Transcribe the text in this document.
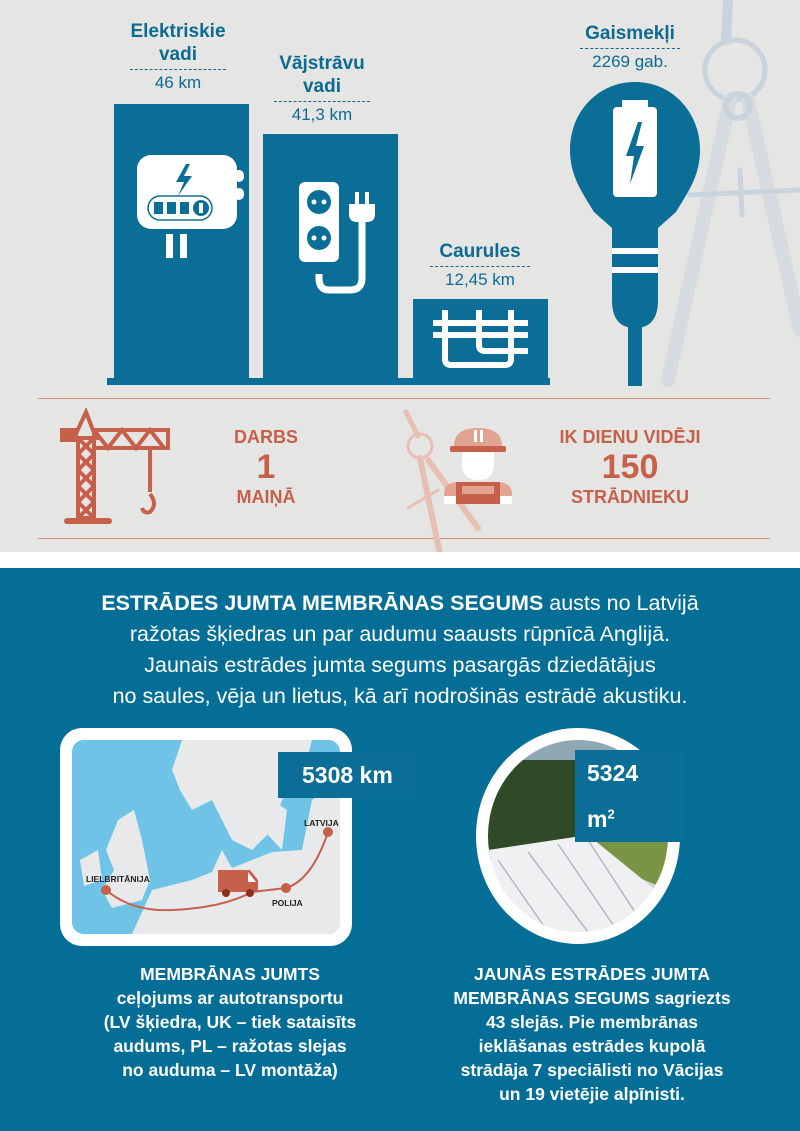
Elektriskie
vadi
46 km
Vājstrāvu
vadi
41,3 km
Caurules
12,45 km
Gaismekļi
2269 gab.
DARBS
1
MAIŅĀ
IK DIENU VIDĒJI
150
STRĀDNIEKU
ESTRĀDES JUMTA MEMBRĀNAS SEGUMS austs no Latvijā
ražotas šķiedras un par audumu saausts rūpnīcā Anglijā.
Jaunais estrādes jumta segums pasargās dziedātājus
no saules, vēja un lietus, kā arī nodrošinās estrādē akustiku.
LIELBRITĀNIJA
POLIJA
LATVIJA
5308 km	5324 $m^2$
MEMBRĀNAS JUMTS
ceļojums ar autotransportu
(LV šķiedra, UK – tiek sataisīts
audums, PL – ražotas slejas
no auduma – LV montāža)
JAUNĀS ESTRĀDES JUMTA
MEMBRĀNAS SEGUMS sagriezts
43 slejās. Pie membrānas
ieklāšanas estrādes kupolā
strādāja 7 speciālisti no Vācijas
un 19 vietējie alpīnisti.
